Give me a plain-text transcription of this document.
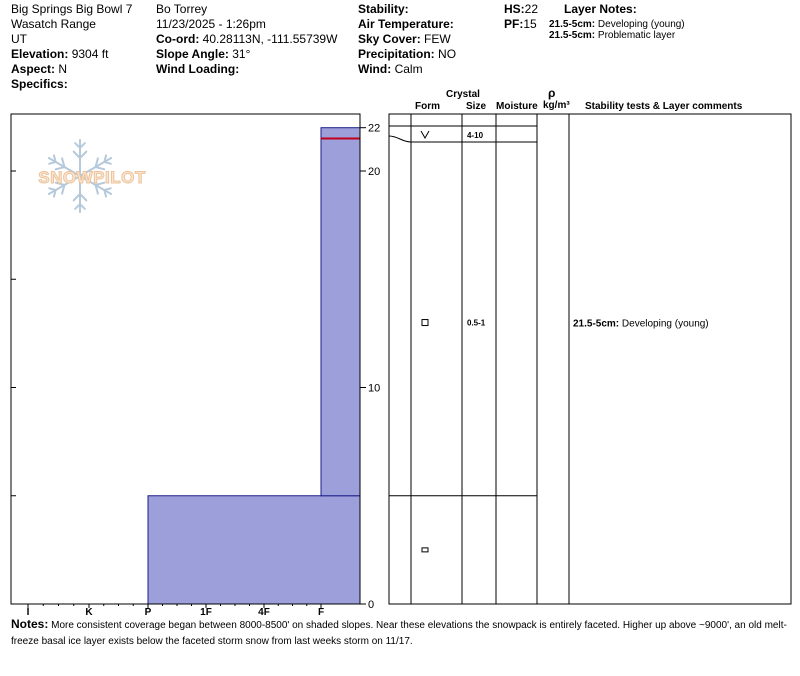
Big Springs Big Bowl 7
Wasatch Range
UT
Elevation: 9304 ft
Aspect: N
Specifics:
Bo Torrey
11/23/2025 - 1:26pm
Co-ord: 40.28113N, -111.55739W
Slope Angle: 31°
Wind Loading:
Stability:
Air Temperature:
Sky Cover: FEW
Precipitation: NO
Wind: Calm
HS:22
PF:15
Layer Notes:
21.5-5cm: Developing (young)
21.5-5cm: Problematic layer
Crystal
Form	Size Moisture
ρ
kg/m³ Stability tests & Layer comments
SNOWPILOT
0
10
20
22
I	K	P	1F	4F	F
4-10
0.5-1	21.5-5cm: Developing (young)
Notes: More consistent coverage began between 8000-8500' on shaded slopes. Near these elevations the snowpack is entirely faceted. Higher up above ~9000', an old melt-freeze basal ice layer exists below the faceted storm snow from last weeks storm on 11/17.
